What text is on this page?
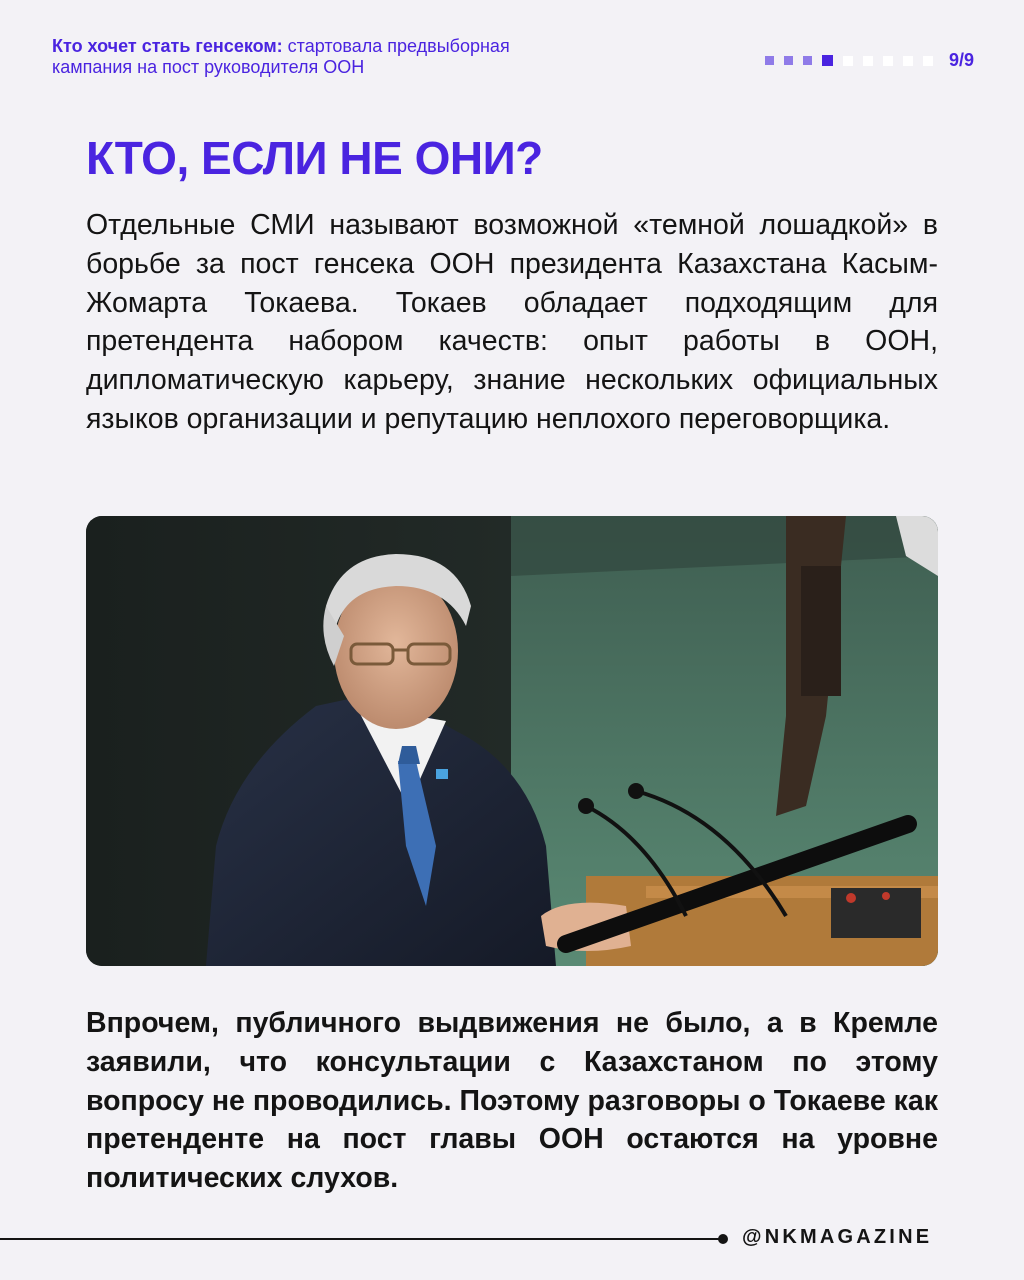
Кто хочет стать генсеком: стартовала предвыборная кампания на пост руководителя ООН	9/9
КТО, ЕСЛИ НЕ ОНИ?

Отдельные СМИ называют возможной «темной лошадкой» в борьбе за пост генсека ООН президента Казахстана Касым-Жомарта Токаева. Токаев обладает подходящим для претендента набором качеств: опыт работы в ООН, дипломатическую карьеру, знание нескольких официальных языков организации и репутацию неплохого переговорщика.

Впрочем, публичного выдвижения не было, а в Кремле заявили, что консультации с Казахстаном по этому вопросу не проводились. Поэтому разговоры о Токаеве как претенденте на пост главы ООН остаются на уровне политических слухов.

@NKMAGAZINE
